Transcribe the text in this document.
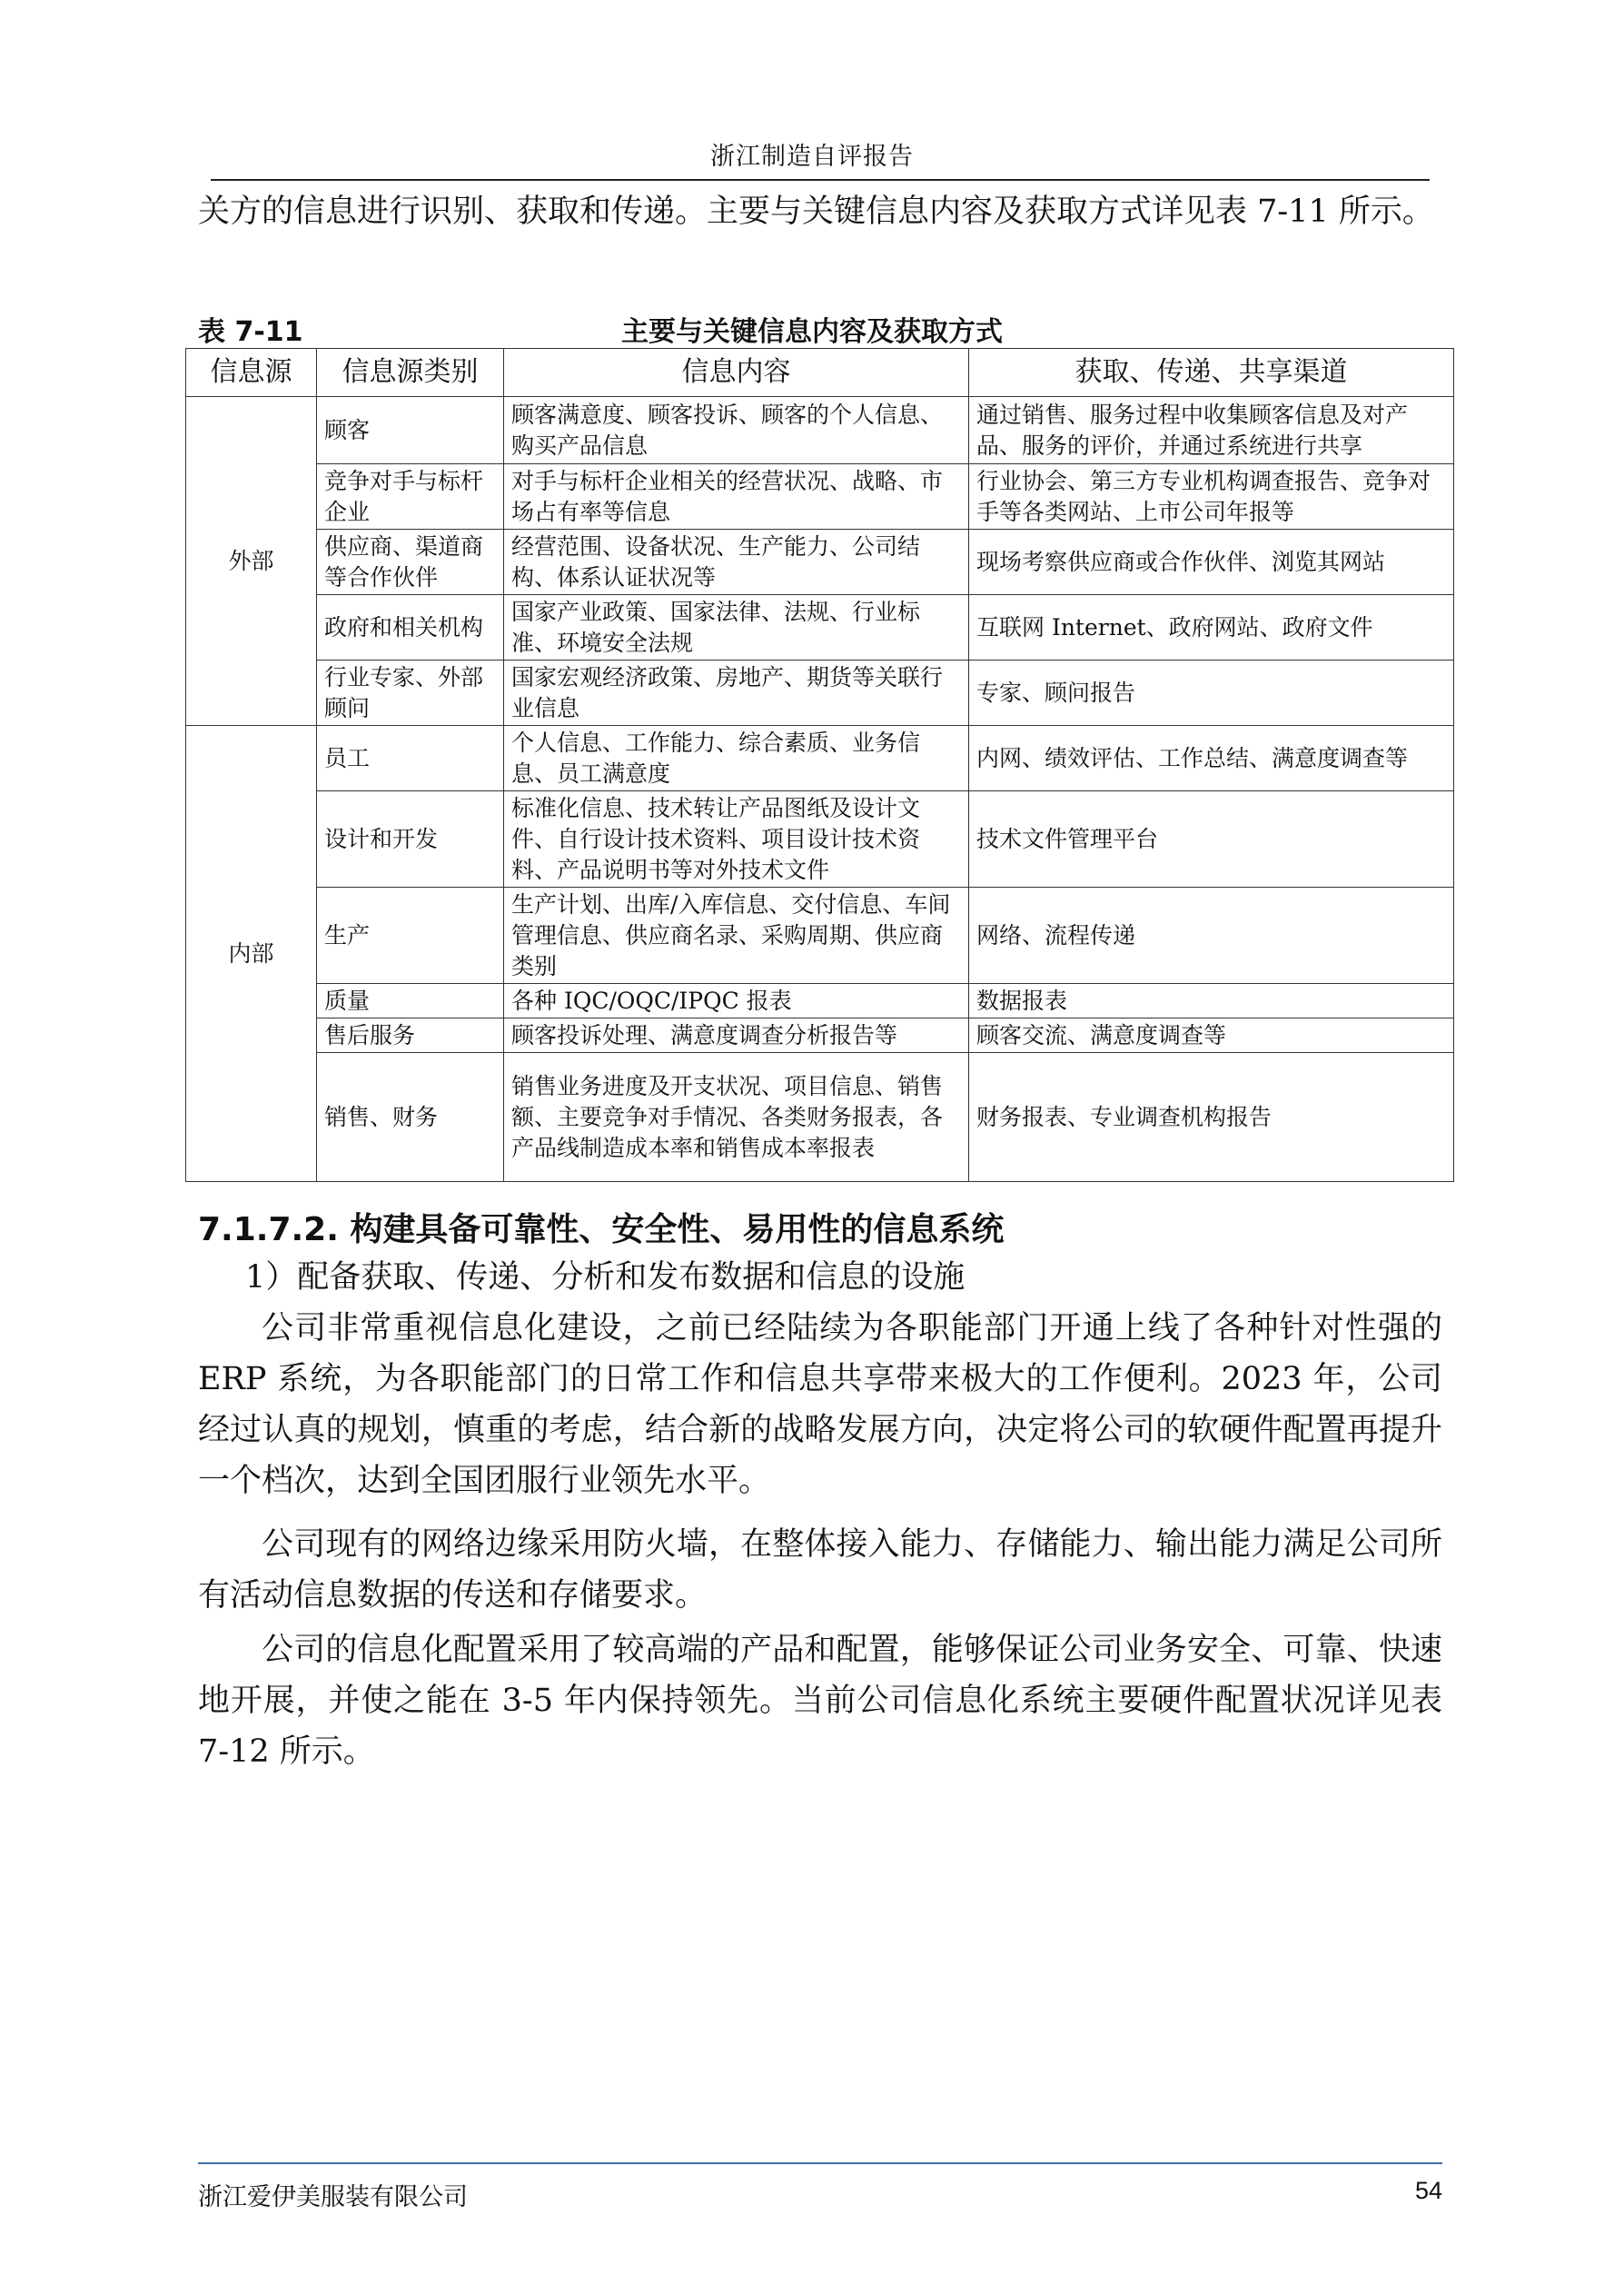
浙江制造自评报告
关方的信息进行识别、获取和传递。主要与关键信息内容及获取方式详见表 7-11 所示。
表 7-11	主要与关键信息内容及获取方式
信息源	信息源类别	信息内容	获取、传递、共享渠道
外部	顾客	顾客满意度、顾客投诉、顾客的个人信息、购买产品信息	通过销售、服务过程中收集顾客信息及对产品、服务的评价，并通过系统进行共享
	竞争对手与标杆企业	对手与标杆企业相关的经营状况、战略、市场占有率等信息	行业协会、第三方专业机构调查报告、竞争对手等各类网站、上市公司年报等
	供应商、渠道商等合作伙伴	经营范围、设备状况、生产能力、公司结构、体系认证状况等	现场考察供应商或合作伙伴、浏览其网站
	政府和相关机构	国家产业政策、国家法律、法规、行业标准、环境安全法规	互联网 Internet、政府网站、政府文件
	行业专家、外部顾问	国家宏观经济政策、房地产、期货等关联行业信息	专家、顾问报告
内部	员工	个人信息、工作能力、综合素质、业务信息、员工满意度	内网、绩效评估、工作总结、满意度调查等
	设计和开发	标准化信息、技术转让产品图纸及设计文件、自行设计技术资料、项目设计技术资料、产品说明书等对外技术文件	技术文件管理平台
	生产	生产计划、出库/入库信息、交付信息、车间管理信息、供应商名录、采购周期、供应商类别	网络、流程传递
	质量	各种 IQC/OQC/IPQC 报表	数据报表
	售后服务	顾客投诉处理、满意度调查分析报告等	顾客交流、满意度调查等
	销售、财务	销售业务进度及开支状况、项目信息、销售额、主要竞争对手情况、各类财务报表，各产品线制造成本率和销售成本率报表	财务报表、专业调查机构报告
7.1.7.2. 构建具备可靠性、安全性、易用性的信息系统
1）配备获取、传递、分析和发布数据和信息的设施
公司非常重视信息化建设，之前已经陆续为各职能部门开通上线了各种针对性强的 ERP 系统，为各职能部门的日常工作和信息共享带来极大的工作便利。2023 年，公司经过认真的规划，慎重的考虑，结合新的战略发展方向，决定将公司的软硬件配置再提升一个档次，达到全国团服行业领先水平。
公司现有的网络边缘采用防火墙，在整体接入能力、存储能力、输出能力满足公司所有活动信息数据的传送和存储要求。
公司的信息化配置采用了较高端的产品和配置，能够保证公司业务安全、可靠、快速地开展，并使之能在 3-5 年内保持领先。当前公司信息化系统主要硬件配置状况详见表 7-12 所示。
浙江爱伊美服装有限公司	54
